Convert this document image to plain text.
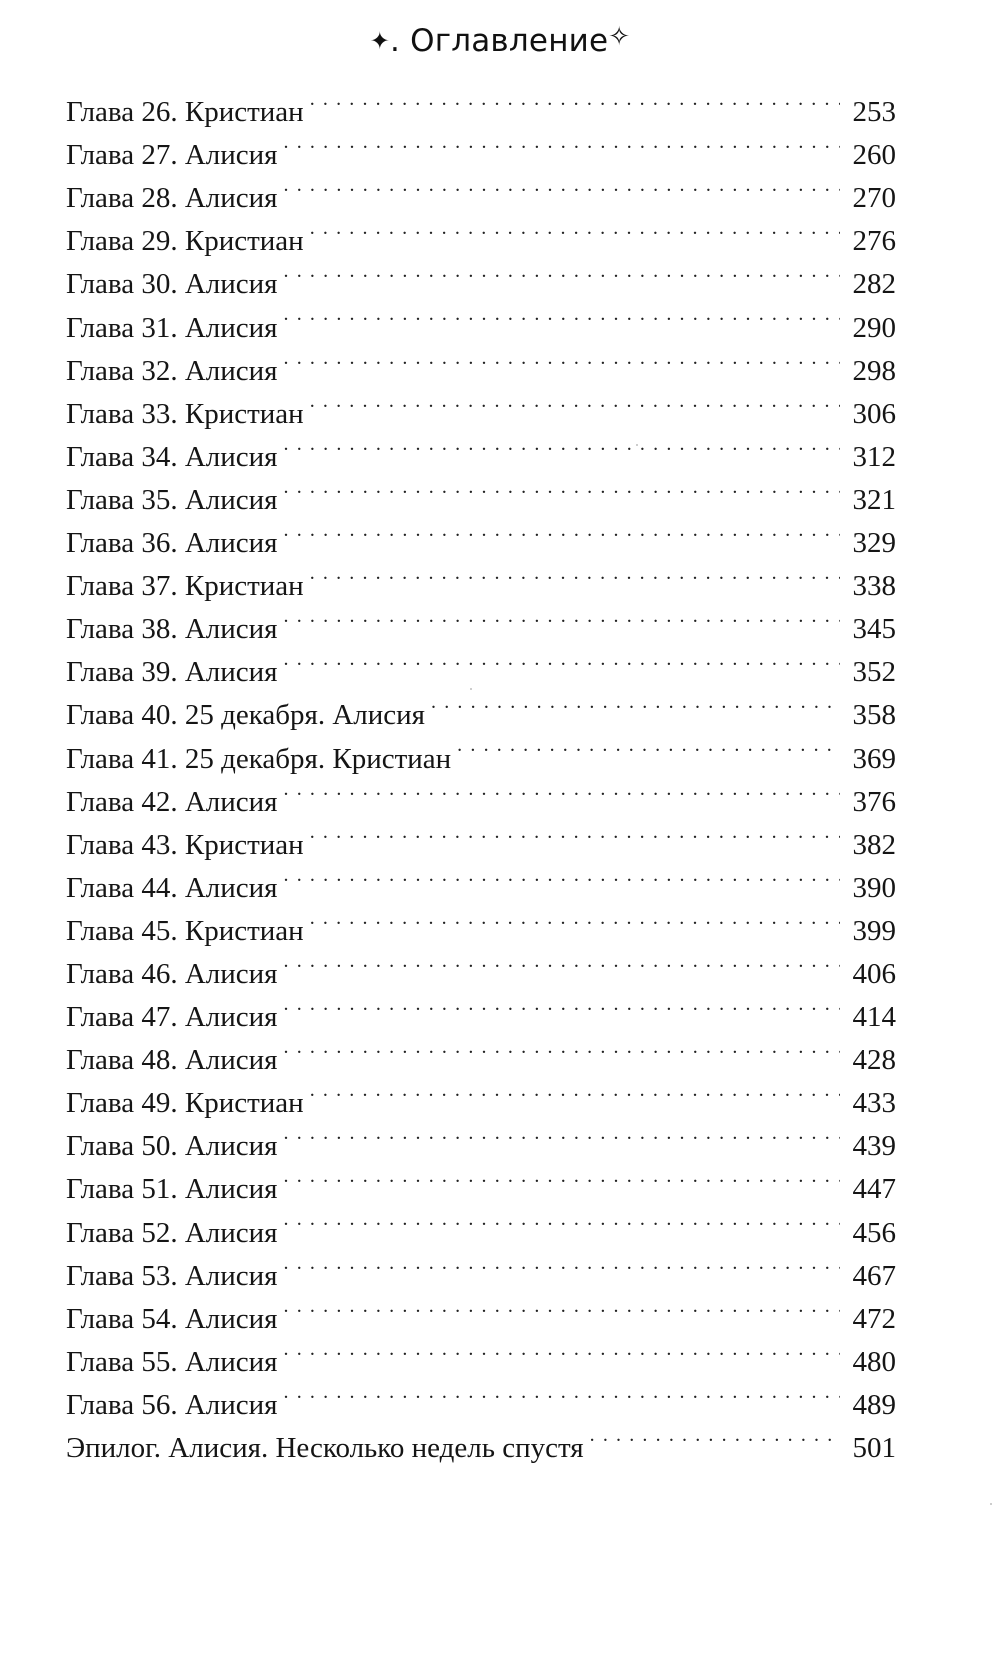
✦. Оглавление✧
Глава 26. Кристиан . . .	253
Глава 27. Алисия . . .	260
Глава 28. Алисия . . .	270
Глава 29. Кристиан . . .	276
Глава 30. Алисия . . .	282
Глава 31. Алисия . . .	290
Глава 32. Алисия . . .	298
Глава 33. Кристиан . . .	306
Глава 34. Алисия . . .	312
Глава 35. Алисия . . .	321
Глава 36. Алисия . . .	329
Глава 37. Кристиан . . .	338
Глава 38. Алисия . . .	345
Глава 39. Алисия . . .	352
Глава 40. 25 декабря. Алисия . . .	358
Глава 41. 25 декабря. Кристиан . . .	369
Глава 42. Алисия . . .	376
Глава 43. Кристиан . . .	382
Глава 44. Алисия . . .	390
Глава 45. Кристиан . . .	399
Глава 46. Алисия . . .	406
Глава 47. Алисия . . .	414
Глава 48. Алисия . . .	428
Глава 49. Кристиан . . .	433
Глава 50. Алисия . . .	439
Глава 51. Алисия . . .	447
Глава 52. Алисия . . .	456
Глава 53. Алисия . . .	467
Глава 54. Алисия . . .	472
Глава 55. Алисия . . .	480
Глава 56. Алисия . . .	489
Эпилог. Алисия. Несколько недель спустя . . .	501
